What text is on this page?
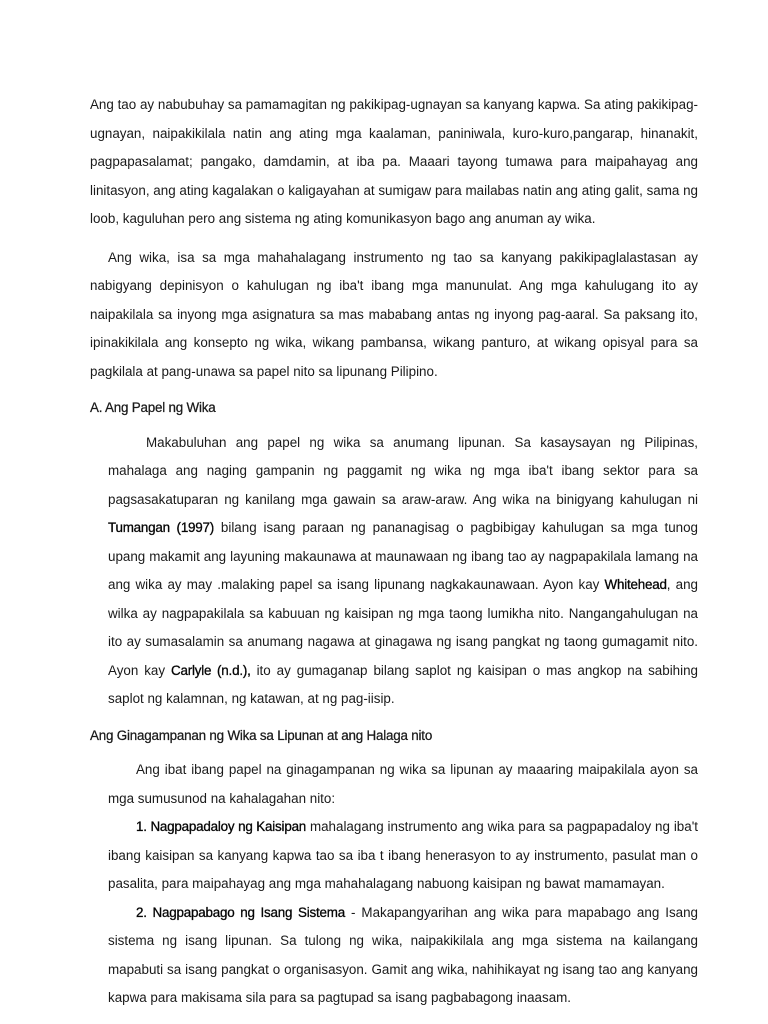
Ang tao ay nabubuhay sa pamamagitan ng pakikipag-ugnayan sa kanyang kapwa. Sa ating pakikipag-ugnayan, naipakikilala natin ang ating mga kaalaman, paniniwala, kuro-kuro,pangarap, hinanakit, pagpapasalamat; pangako, damdamin, at iba pa. Maaari tayong tumawa para maipahayag ang linitasyon, ang ating kagalakan o kaligayahan at sumigaw para mailabas natin ang ating galit, sama ng loob, kaguluhan pero ang sistema ng ating komunikasyon bago ang anuman ay wika.

Ang wika, isa sa mga mahahalagang instrumento ng tao sa kanyang pakikipaglalastasan ay nabigyang depinisyon o kahulugan ng iba't ibang mga manunulat. Ang mga kahulugang ito ay naipakilala sa inyong mga asignatura sa mas mababang antas ng inyong pag-aaral. Sa paksang ito, ipinakikilala ang konsepto ng wika, wikang pambansa, wikang panturo, at wikang opisyal para sa pagkilala at pang-unawa sa papel nito sa lipunang Pilipino.

A. Ang Papel ng Wika

Makabuluhan ang papel ng wika sa anumang lipunan. Sa kasaysayan ng Pilipinas, mahalaga ang naging gampanin ng paggamit ng wika ng mga iba't ibang sektor para sa pagsasakatuparan ng kanilang mga gawain sa araw-araw. Ang wika na binigyang kahulugan ni Tumangan (1997) bilang isang paraan ng pananagisag o pagbibigay kahulugan sa mga tunog upang makamit ang layuning makaunawa at maunawaan ng ibang tao ay nagpapakilala lamang na ang wika ay may .malaking papel sa isang lipunang nagkakaunawaan. Ayon kay Whitehead, ang wilka ay nagpapakilala sa kabuuan ng kaisipan ng mga taong lumikha nito. Nangangahulugan na ito ay sumasalamin sa anumang nagawa at ginagawa ng isang pangkat ng taong gumagamit nito. Ayon kay Carlyle (n.d.), ito ay gumaganap bilang saplot ng kaisipan o mas angkop na sabihing saplot ng kalamnan, ng katawan, at ng pag-iisip.

Ang Ginagampanan ng Wika sa Lipunan at ang Halaga nito

Ang ibat ibang papel na ginagampanan ng wika sa lipunan ay maaaring maipakilala ayon sa mga sumusunod na kahalagahan nito:

1. Nagpapadaloy ng Kaisipan mahalagang instrumento ang wika para sa pagpapadaloy ng iba't ibang kaisipan sa kanyang kapwa tao sa iba t ibang henerasyon to ay instrumento, pasulat man o pasalita, para maipahayag ang mga mahahalagang nabuong kaisipan ng bawat mamamayan.

2. Nagpapabago ng Isang Sistema - Makapangyarihan ang wika para mapabago ang Isang sistema ng isang lipunan. Sa tulong ng wika, naipakikilala ang mga sistema na kailangang mapabuti sa isang pangkat o organisasyon. Gamit ang wika, nahihikayat ng isang tao ang kanyang kapwa para makisama sila para sa pagtupad sa isang pagbabagong inaasam.
